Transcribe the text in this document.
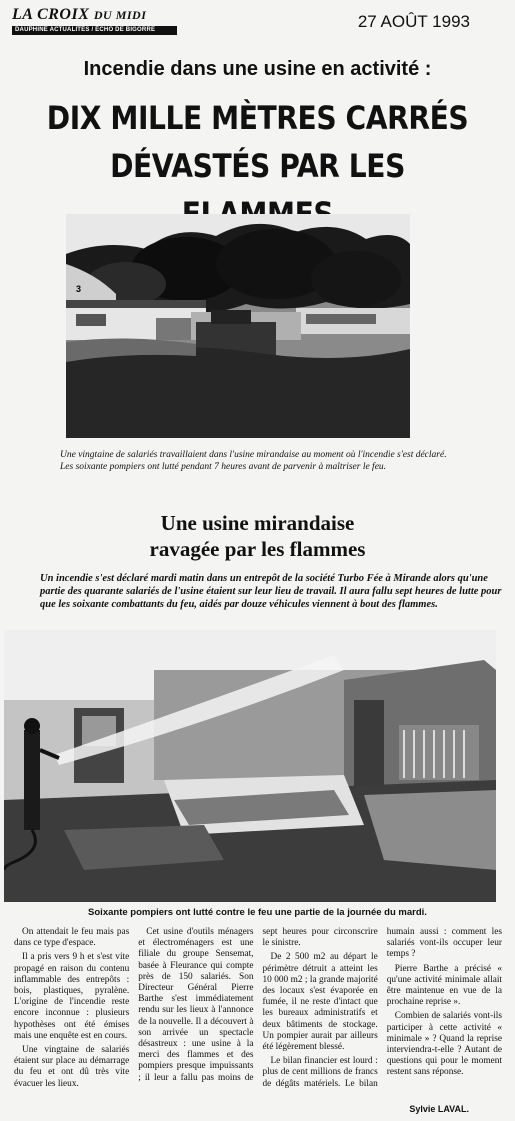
LA CROIX DU MIDI
DAUPHINE ACTUALITÉS / ÉCHO DE BIGORRE	27 AOÛT 1993
Incendie dans une usine en activité :
DIX MILLE MÈTRES CARRÉS
DÉVASTÉS PAR LES
3
Une vingtaine de salariés travaillaient dans l'usine mirandaise au moment où l'incendie s'est déclaré. Les soixante pompiers ont lutté pendant 7 heures avant de parvenir à maîtriser le feu.
Une usine mirandaise
ravagée par les flammes
Un incendie s'est déclaré mardi matin dans un entrepôt de la société Turbo Fée à Mirande alors qu'une partie des quarante salariés de l'usine étaient sur leur lieu de travail. Il aura fallu sept heures de lutte pour que les soixante combattants du feu, aidés par douze véhicules viennent à bout des flammes.
Soixante pompiers ont lutté contre le feu une partie de la journée du mardi.

On attendait le feu mais pas dans ce type d'espace.

Il a pris vers 9 h et s'est vite propagé en raison du contenu inflammable des entrepôts : bois, plastiques, pyralène. L'origine de l'incendie reste encore inconnue : plusieurs hypothèses ont été émises mais une enquête est en cours.

Une vingtaine de salariés étaient sur place au démarrage du feu et ont dû très vite évacuer les lieux.

Cet usine d'outils ménagers et électroménagers est une filiale du groupe Sensemat, basée à Fleurance qui compte près de 150 salariés. Son Directeur Général Pierre Barthe s'est immédiatement rendu sur les lieux à l'annonce de la nouvelle. Il a découvert à son arrivée un spectacle désastreux : une usine à la merci des flammes et des pompiers presque impuissants ; il leur a fallu pas moins de sept heures pour circonscrire le sinistre.

De 2 500 m2 au départ le périmètre détruit a atteint les 10 000 m2 ; la grande majorité des locaux s'est évaporée en fumée, il ne reste d'intact que les bureaux administratifs et deux bâtiments de stockage. Un pompier aurait par ailleurs été légèrement blessé.

Le bilan financier est lourd : plus de cent millions de francs de dégâts matériels. Le bilan humain aussi : comment les salariés vont-ils occuper leur temps ?

Pierre Barthe a précisé « qu'une activité minimale allait être maintenue en vue de la prochaine reprise ».

Combien de salariés vont-ils participer à cette activité « minimale » ? Quand la reprise interviendra-t-elle ? Autant de questions qui pour le moment restent sans réponse.

Sylvie LAVAL.
